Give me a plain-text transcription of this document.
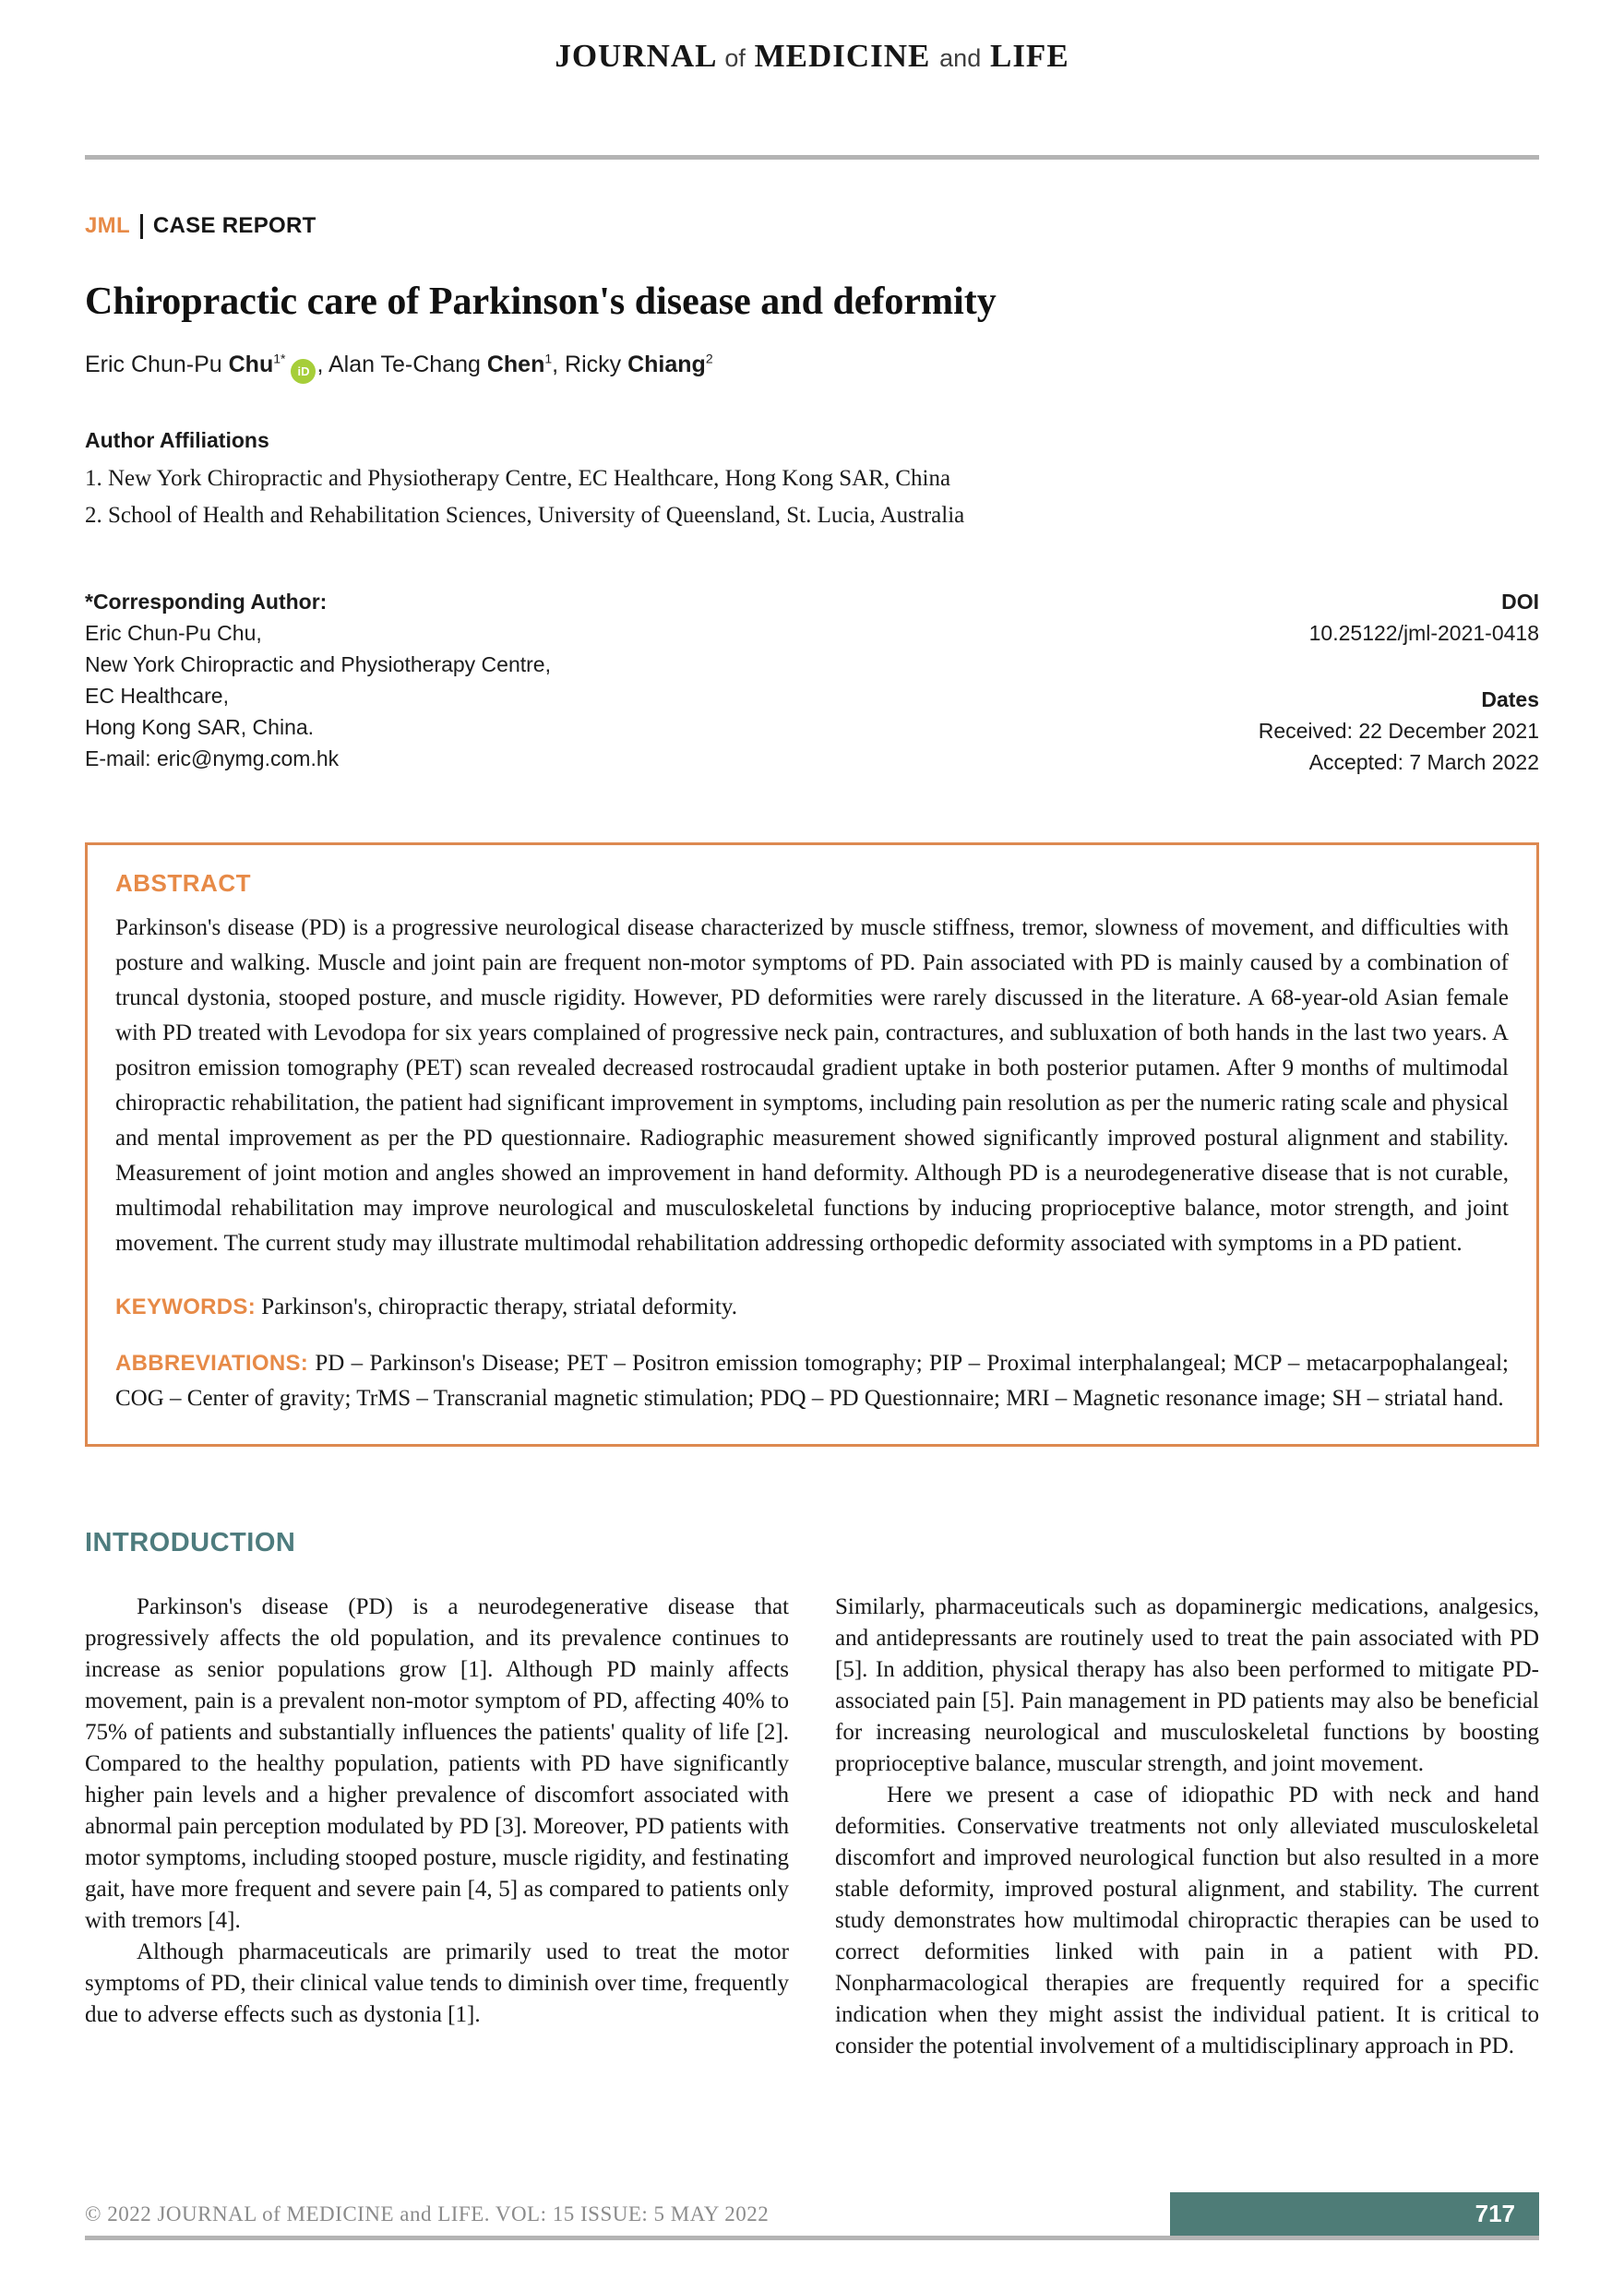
JOURNAL of MEDICINE and LIFE
JML CASE REPORT
Chiropractic care of Parkinson's disease and deformity
Eric Chun-Pu Chu$^{1*}$iD , Alan Te-Chang Chen$^1$, Ricky Chiang$^2$
Author Affiliations
1. New York Chiropractic and Physiotherapy Centre, EC Healthcare, Hong Kong SAR, China
2. School of Health and Rehabilitation Sciences, University of Queensland, St. Lucia, Australia
*Corresponding Author:
Eric Chun-Pu Chu,
New York Chiropractic and Physiotherapy Centre,
EC Healthcare,
Hong Kong SAR, China.
E-mail: eric@nymg.com.hk
DOI
10.25122/jml-2021-0418
Dates
Received: 22 December 2021
Accepted: 7 March 2022
ABSTRACT
Parkinson's disease (PD) is a progressive neurological disease characterized by muscle stiffness, tremor, slowness of movement, and difficulties with posture and walking. Muscle and joint pain are frequent non-motor symptoms of PD. Pain associated with PD is mainly caused by a combination of truncal dystonia, stooped posture, and muscle rigidity. However, PD deformities were rarely discussed in the literature. A 68-year-old Asian female with PD treated with Levodopa for six years complained of progressive neck pain, contractures, and subluxation of both hands in the last two years. A positron emission tomography (PET) scan revealed decreased rostrocaudal gradient uptake in both posterior putamen. After 9 months of multimodal chiropractic rehabilitation, the patient had significant improvement in symptoms, including pain resolution as per the numeric rating scale and physical and mental improvement as per the PD questionnaire. Radiographic measurement showed significantly improved postural alignment and stability. Measurement of joint motion and angles showed an improvement in hand deformity. Although PD is a neurodegenerative disease that is not curable, multimodal rehabilitation may improve neurological and musculoskeletal functions by inducing proprioceptive balance, motor strength, and joint movement. The current study may illustrate multimodal rehabilitation addressing orthopedic deformity associated with symptoms in a PD patient.
KEYWORDS: Parkinson's, chiropractic therapy, striatal deformity.
ABBREVIATIONS: PD – Parkinson's Disease; PET – Positron emission tomography; PIP – Proximal interphalangeal; MCP – metacarpophalangeal; COG – Center of gravity; TrMS – Transcranial magnetic stimulation; PDQ – PD Questionnaire; MRI – Magnetic resonance image; SH – striatal hand.
INTRODUCTION

Parkinson's disease (PD) is a neurodegenerative disease that progressively affects the old population, and its prevalence continues to increase as senior populations grow [1]. Although PD mainly affects movement, pain is a prevalent non-motor symptom of PD, affecting 40% to 75% of patients and substantially influences the patients' quality of life [2]. Compared to the healthy population, patients with PD have significantly higher pain levels and a higher prevalence of discomfort associated with abnormal pain perception modulated by PD [3]. Moreover, PD patients with motor symptoms, including stooped posture, muscle rigidity, and festinating gait, have more frequent and severe pain [4, 5] as compared to patients only with tremors [4].

Although pharmaceuticals are primarily used to treat the motor symptoms of PD, their clinical value tends to diminish over time, frequently due to adverse effects such as dystonia [1].

Similarly, pharmaceuticals such as dopaminergic medications, analgesics, and antidepressants are routinely used to treat the pain associated with PD [5]. In addition, physical therapy has also been performed to mitigate PD-associated pain [5]. Pain management in PD patients may also be beneficial for increasing neurological and musculoskeletal functions by boosting proprioceptive balance, muscular strength, and joint movement.

Here we present a case of idiopathic PD with neck and hand deformities. Conservative treatments not only alleviated musculoskeletal discomfort and improved neurological function but also resulted in a more stable deformity, improved postural alignment, and stability. The current study demonstrates how multimodal chiropractic therapies can be used to correct deformities linked with pain in a patient with PD. Nonpharmacological therapies are frequently required for a specific indication when they might assist the individual patient. It is critical to consider the potential involvement of a multidisciplinary approach in PD.

© 2022 JOURNAL of MEDICINE and LIFE. VOL: 15 ISSUE: 5 MAY 2022	717
